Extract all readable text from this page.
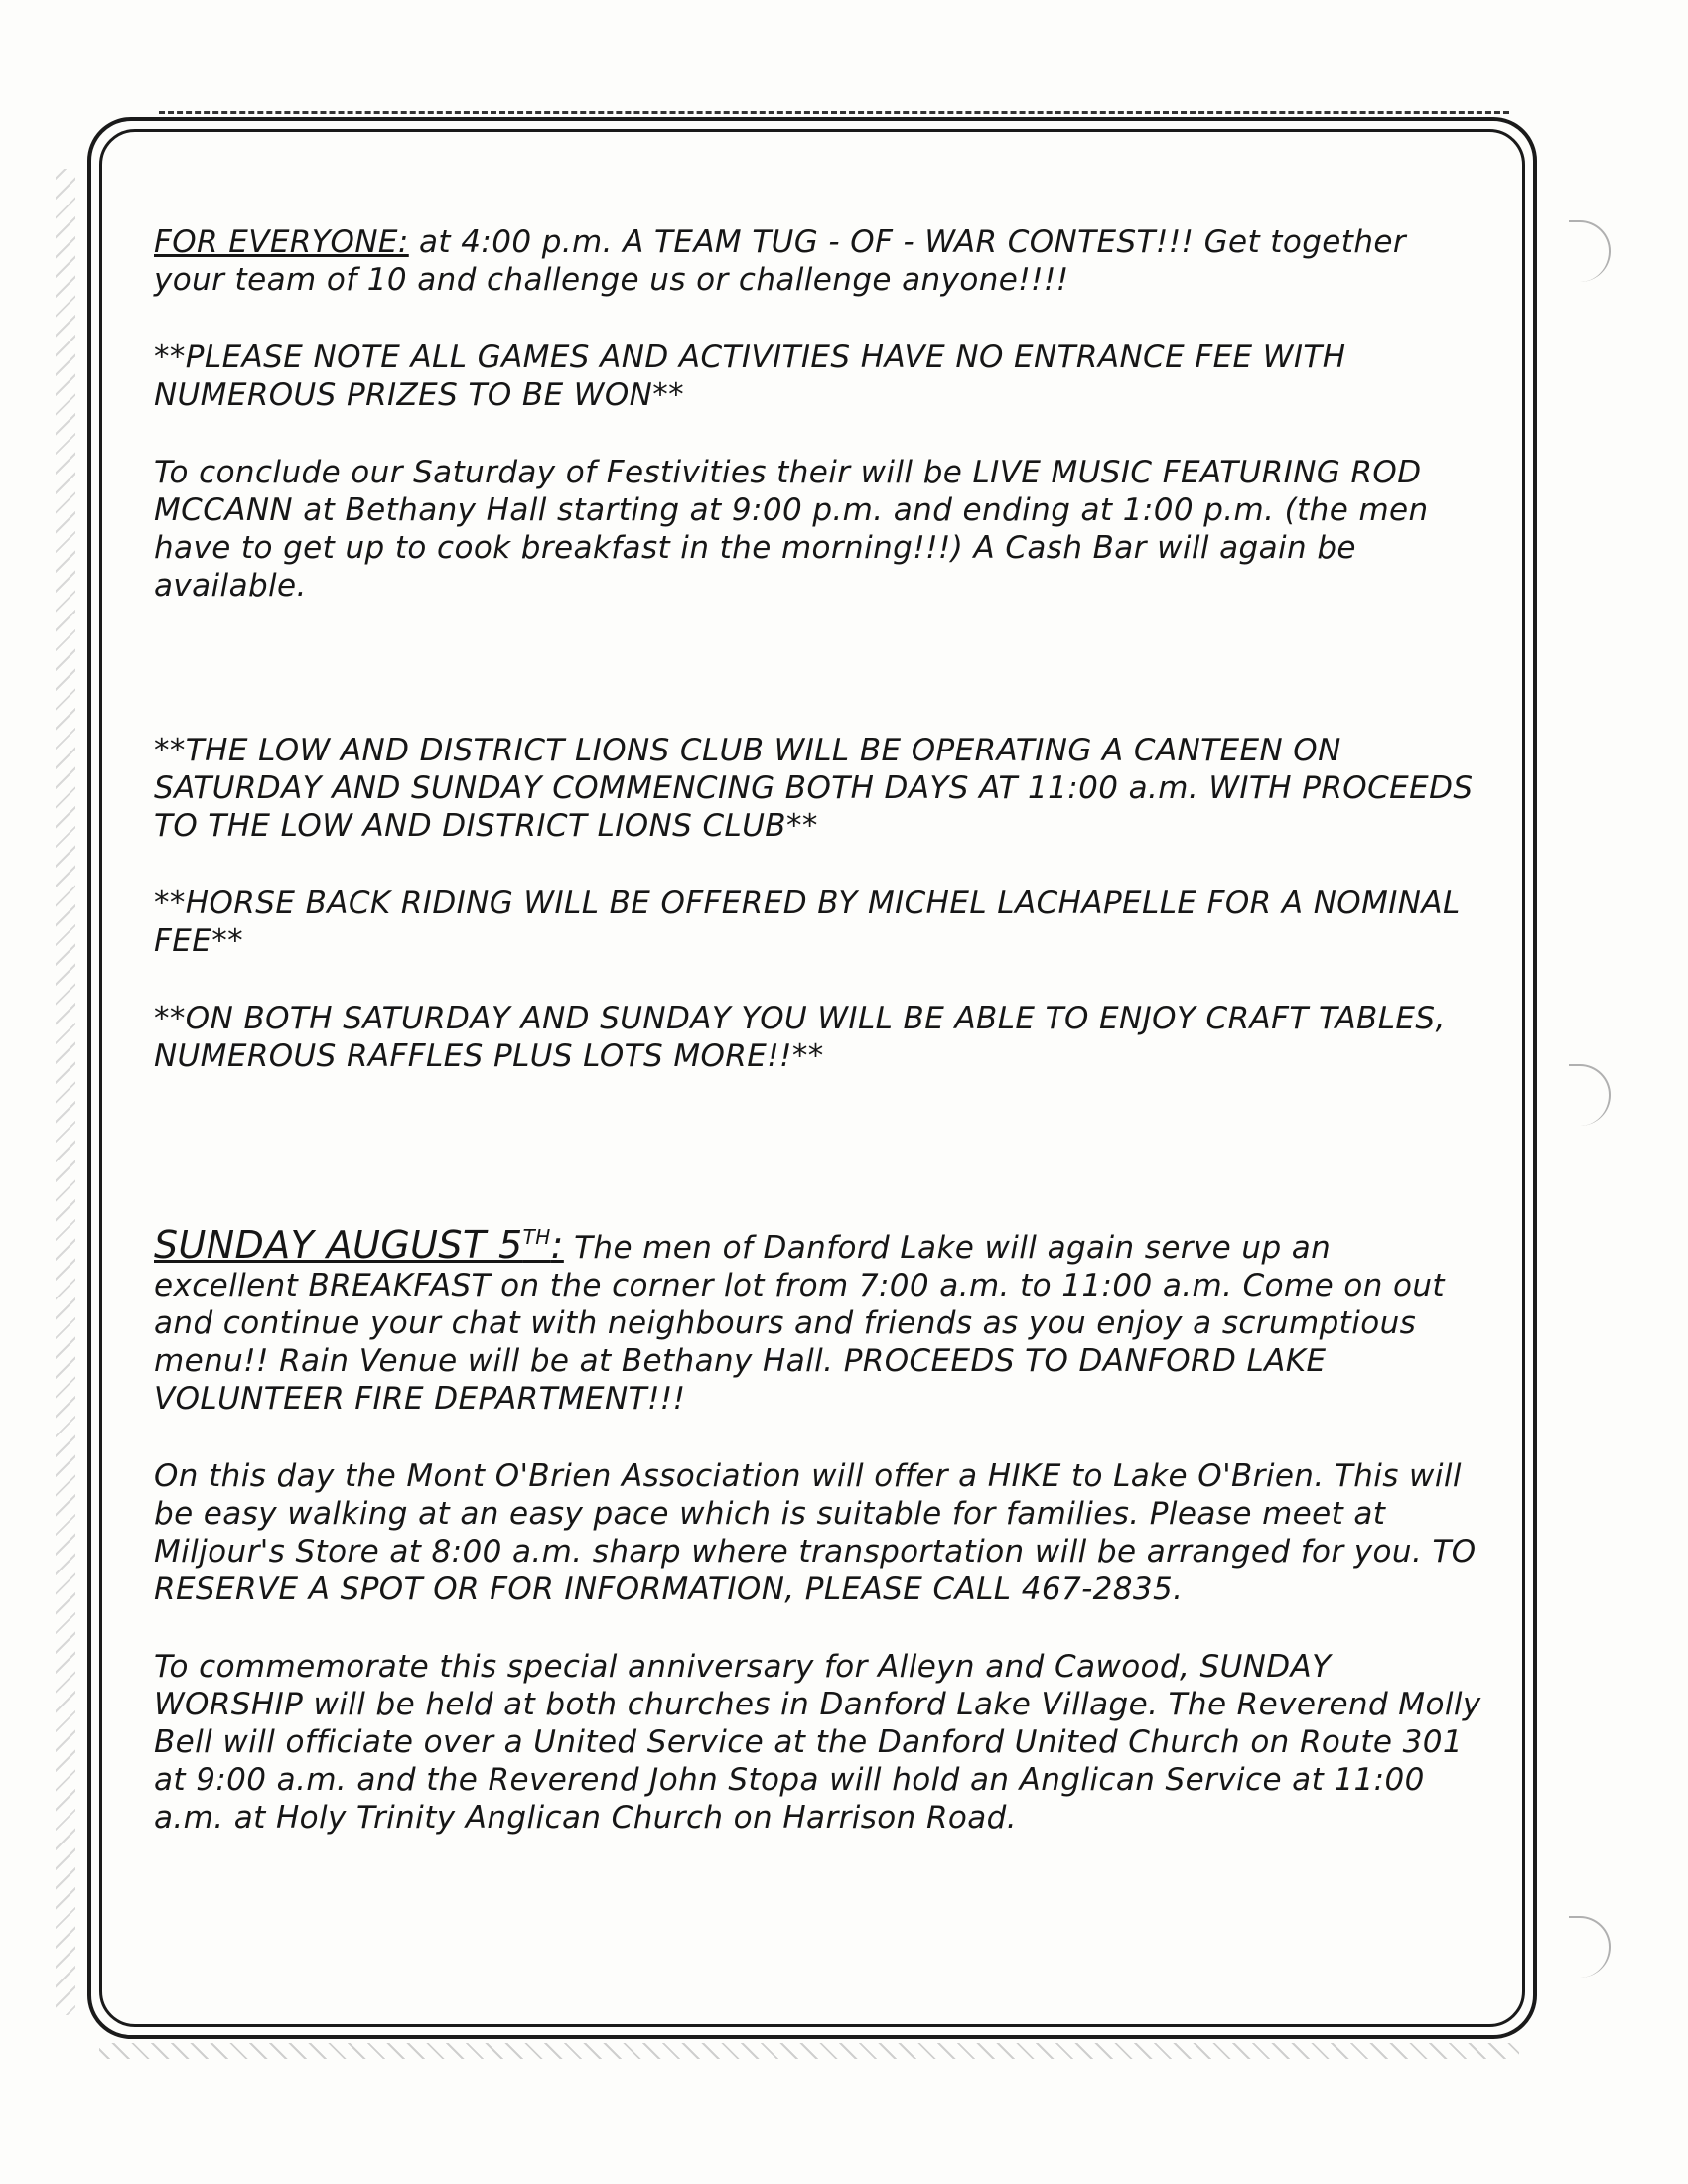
FOR EVERYONE: at 4:00 p.m. A TEAM TUG - OF - WAR CONTEST!!! Get together your team of 10 and challenge us or challenge anyone!!!!

**PLEASE NOTE ALL GAMES AND ACTIVITIES HAVE NO ENTRANCE FEE WITH NUMEROUS PRIZES TO BE WON**

To conclude our Saturday of Festivities their will be LIVE MUSIC FEATURING ROD MCCANN at Bethany Hall starting at 9:00 p.m. and ending at 1:00 p.m. (the men have to get up to cook breakfast in the morning!!!) A Cash Bar will again be available.

**THE LOW AND DISTRICT LIONS CLUB WILL BE OPERATING A CANTEEN ON SATURDAY AND SUNDAY COMMENCING BOTH DAYS AT 11:00 a.m. WITH PROCEEDS TO THE LOW AND DISTRICT LIONS CLUB**

**HORSE BACK RIDING WILL BE OFFERED BY MICHEL LACHAPELLE FOR A NOMINAL FEE**

**ON BOTH SATURDAY AND SUNDAY YOU WILL BE ABLE TO ENJOY CRAFT TABLES, NUMEROUS RAFFLES PLUS LOTS MORE!!**

SUNDAY AUGUST 5TH: The men of Danford Lake will again serve up an excellent BREAKFAST on the corner lot from 7:00 a.m. to 11:00 a.m. Come on out and continue your chat with neighbours and friends as you enjoy a scrumptious menu!! Rain Venue will be at Bethany Hall. PROCEEDS TO DANFORD LAKE VOLUNTEER FIRE DEPARTMENT!!!

On this day the Mont O'Brien Association will offer a HIKE to Lake O'Brien. This will be easy walking at an easy pace which is suitable for families. Please meet at Miljour's Store at 8:00 a.m. sharp where transportation will be arranged for you. TO RESERVE A SPOT OR FOR INFORMATION, PLEASE CALL 467-2835.

To commemorate this special anniversary for Alleyn and Cawood, SUNDAY WORSHIP will be held at both churches in Danford Lake Village. The Reverend Molly Bell will officiate over a United Service at the Danford United Church on Route 301 at 9:00 a.m. and the Reverend John Stopa will hold an Anglican Service at 11:00 a.m. at Holy Trinity Anglican Church on Harrison Road.
